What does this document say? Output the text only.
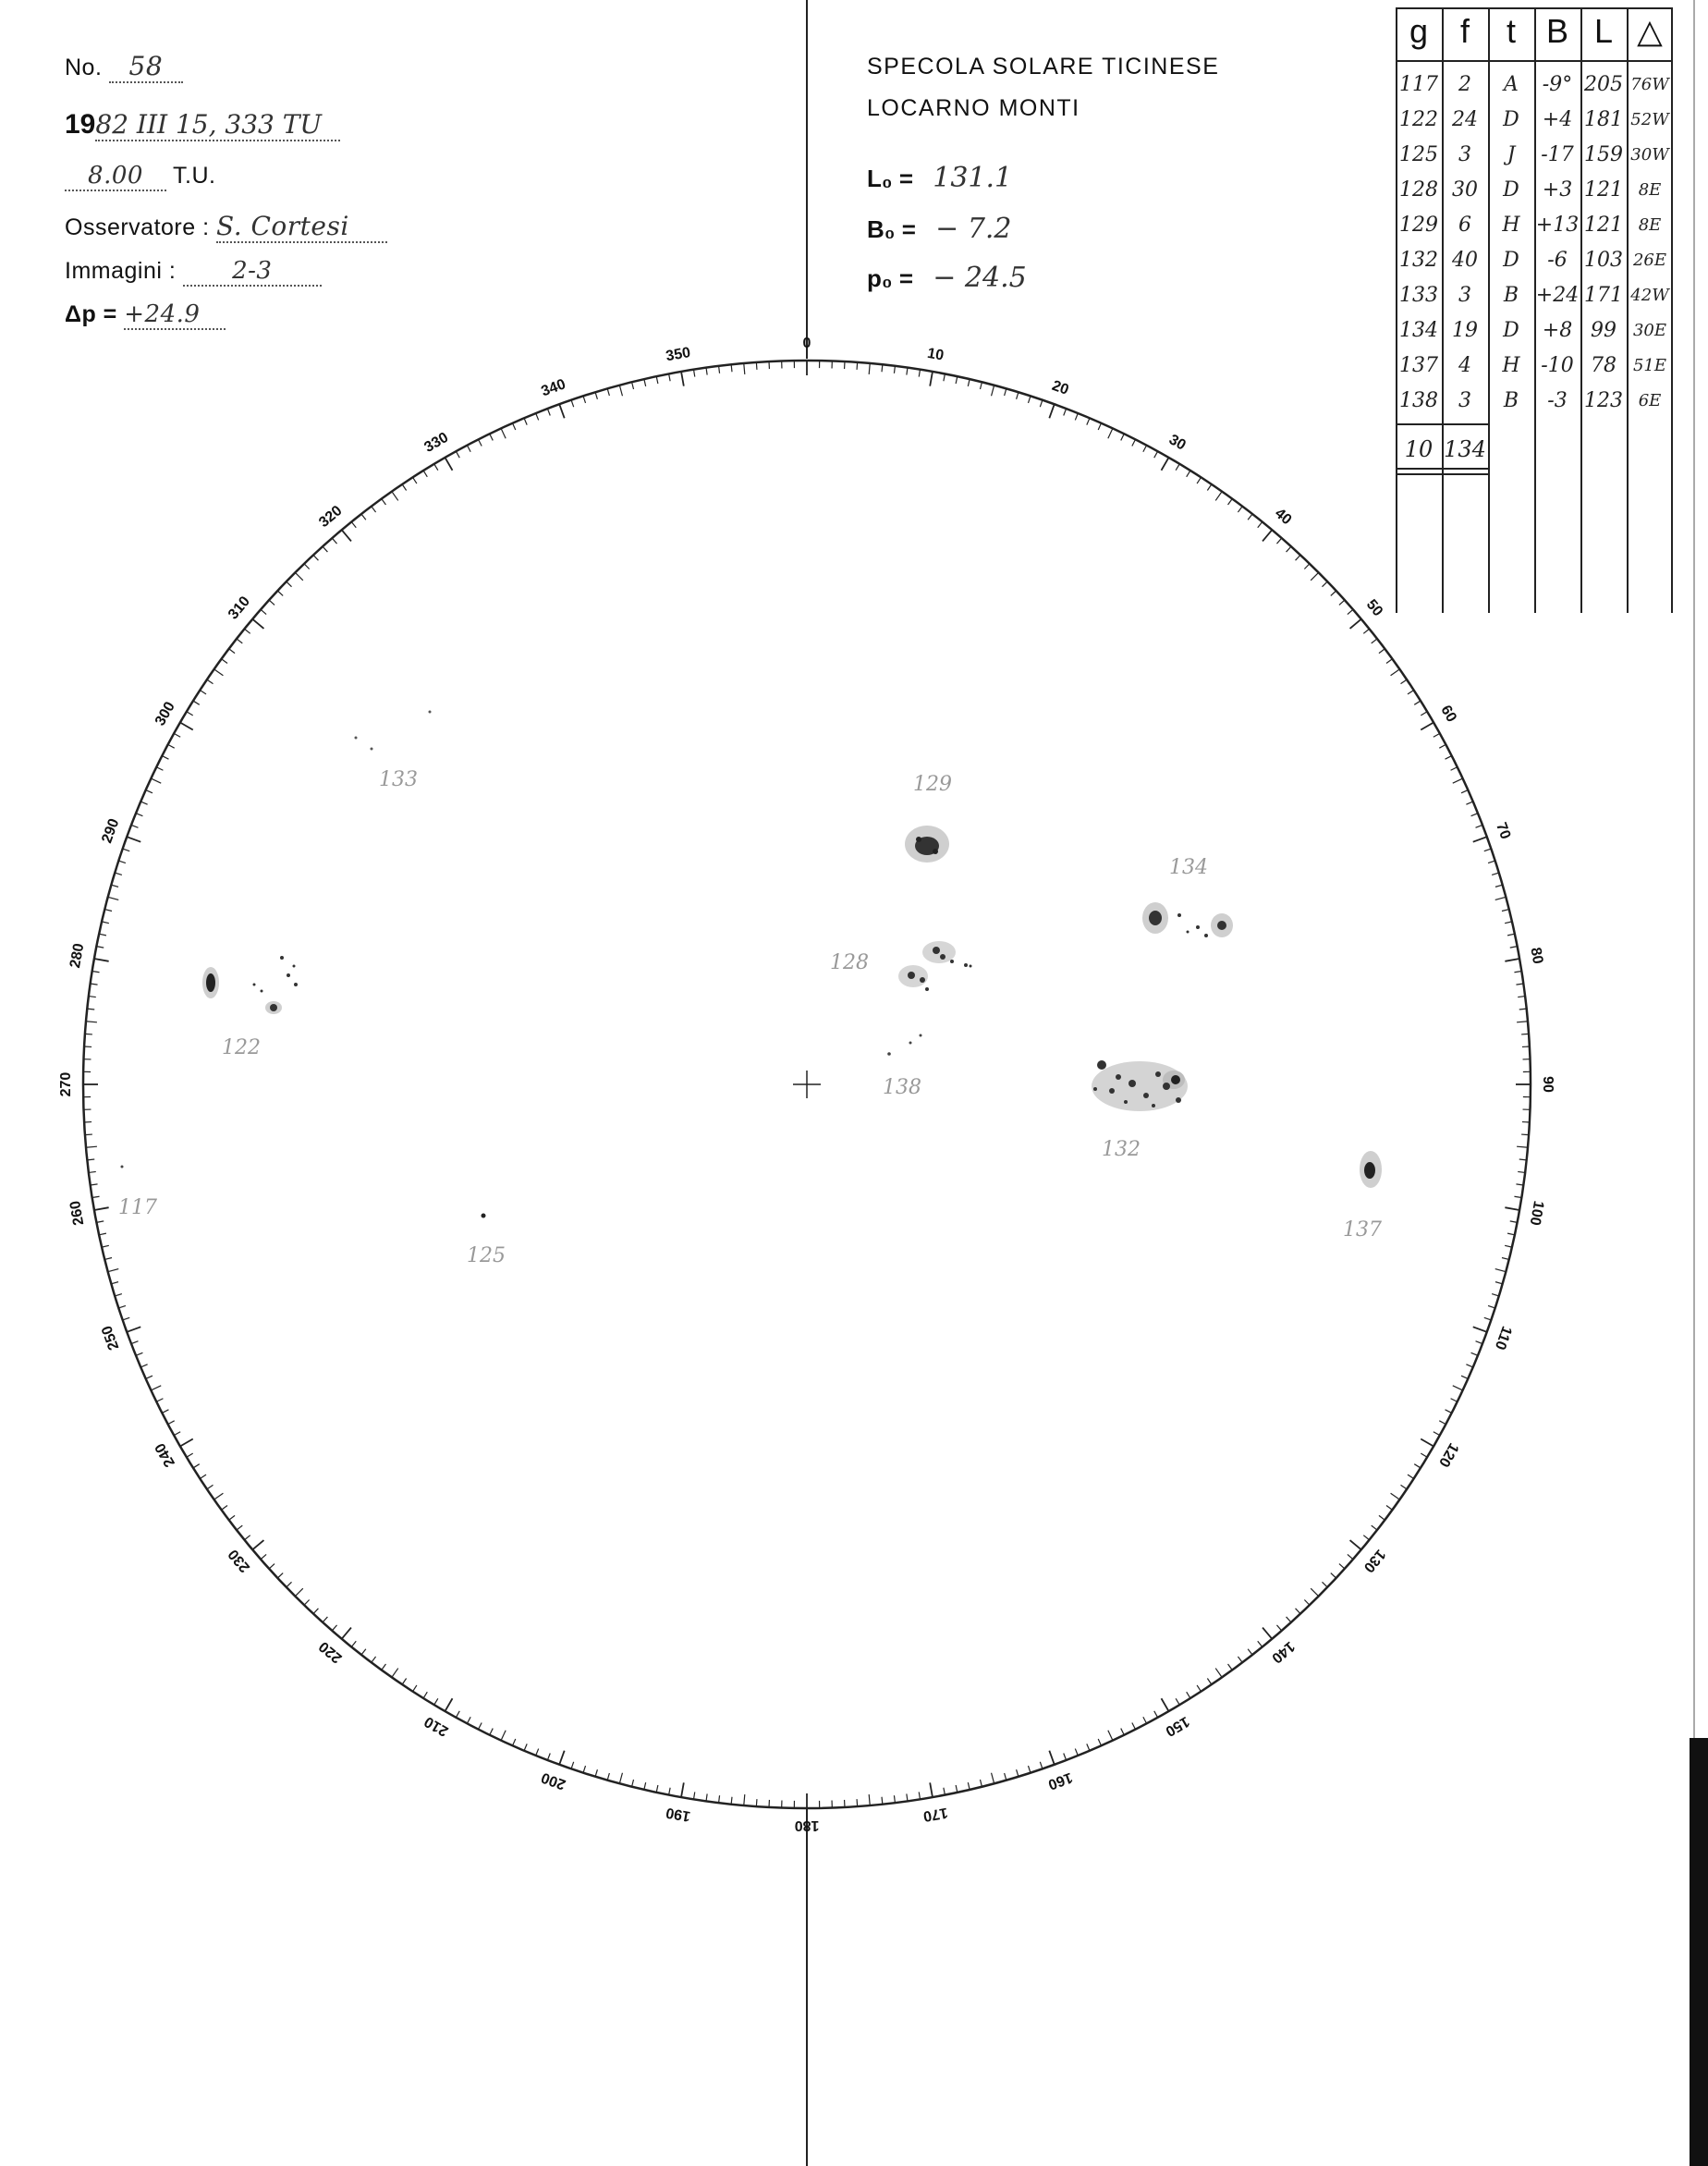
No. 58
1982 III 15, 333 TU
8.00 T.U.
Osservatore : S. Cortesi
Immagini : 2-3
Δp = +24.9
SPECOLA SOLARE TICINESE
LOCARNO MONTI
L₀ = 131.1
B₀ = − 7.2
p₀ = − 24.5
g f	t B L △
117	2	A	-9° 205 76W
122 24	D	+4 181 52W
125	3	J	-17 159 30W
128 30	D	+3 121 8E
129	6	H +13 121 8E
132 40	D	-6 103 26E
133	3	B +24 171 42W
134 19	D	+8 99 30E
137	4	H	-10 78 51E
138	3	B	-3 123 6E
10 134
0
10
20
30
40
50
60
70
80
90
100
110
120
130
140
150
160
170
180
190
200
210
220
230
240
250
260
270
280
290
300
310
320
330
340
350
133	129
134
128
122
138
132
117
137
125
